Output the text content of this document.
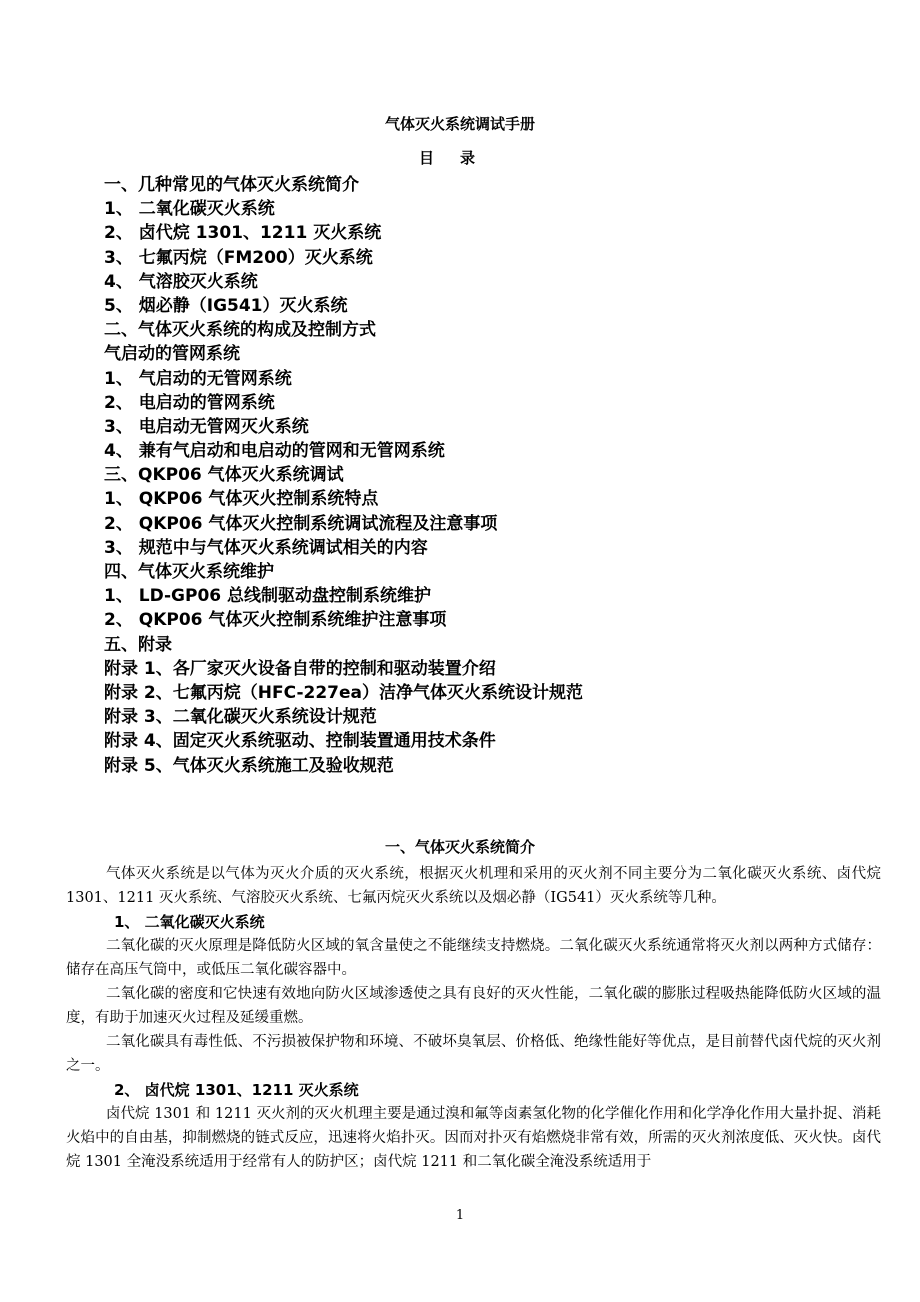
气体灭火系统调试手册
目录
一、几种常见的气体灭火系统简介
1、 二氧化碳灭火系统
2、 卤代烷 1301、1211 灭火系统
3、 七氟丙烷（FM200）灭火系统
4、 气溶胶灭火系统
5、 烟必静（IG541）灭火系统
二、气体灭火系统的构成及控制方式
气启动的管网系统
1、 气启动的无管网系统
2、 电启动的管网系统
3、 电启动无管网灭火系统
4、 兼有气启动和电启动的管网和无管网系统
三、QKP06 气体灭火系统调试
1、 QKP06 气体灭火控制系统特点
2、 QKP06 气体灭火控制系统调试流程及注意事项
3、 规范中与气体灭火系统调试相关的内容
四、气体灭火系统维护
1、 LD-GP06 总线制驱动盘控制系统维护
2、 QKP06 气体灭火控制系统维护注意事项
五、附录
附录 1、各厂家灭火设备自带的控制和驱动装置介绍
附录 2、七氟丙烷（HFC-227ea）洁净气体灭火系统设计规范
附录 3、二氧化碳灭火系统设计规范
附录 4、固定灭火系统驱动、控制装置通用技术条件
附录 5、气体灭火系统施工及验收规范
一、气体灭火系统简介

气体灭火系统是以气体为灭火介质的灭火系统，根据灭火机理和采用的灭火剂不同主要分为二氧化碳灭火系统、卤代烷 1301、1211 灭火系统、气溶胶灭火系统、七氟丙烷灭火系统以及烟必静（IG541）灭火系统等几种。

1、 二氧化碳灭火系统

二氧化碳的灭火原理是降低防火区域的氧含量使之不能继续支持燃烧。二氧化碳灭火系统通常将灭火剂以两种方式储存：储存在高压气筒中，或低压二氧化碳容器中。

二氧化碳的密度和它快速有效地向防火区域渗透使之具有良好的灭火性能，二氧化碳的膨胀过程吸热能降低防火区域的温度，有助于加速灭火过程及延缓重燃。

二氧化碳具有毒性低、不污损被保护物和环境、不破坏臭氧层、价格低、绝缘性能好等优点，是目前替代卤代烷的灭火剂之一。

2、 卤代烷 1301、1211 灭火系统

卤代烷 1301 和 1211 灭火剂的灭火机理主要是通过溴和氟等卤素氢化物的化学催化作用和化学净化作用大量扑捉、消耗火焰中的自由基，抑制燃烧的链式反应，迅速将火焰扑灭。因而对扑灭有焰燃烧非常有效，所需的灭火剂浓度低、灭火快。卤代烷 1301 全淹没系统适用于经常有人的防护区；卤代烷 1211 和二氧化碳全淹没系统适用于

1
